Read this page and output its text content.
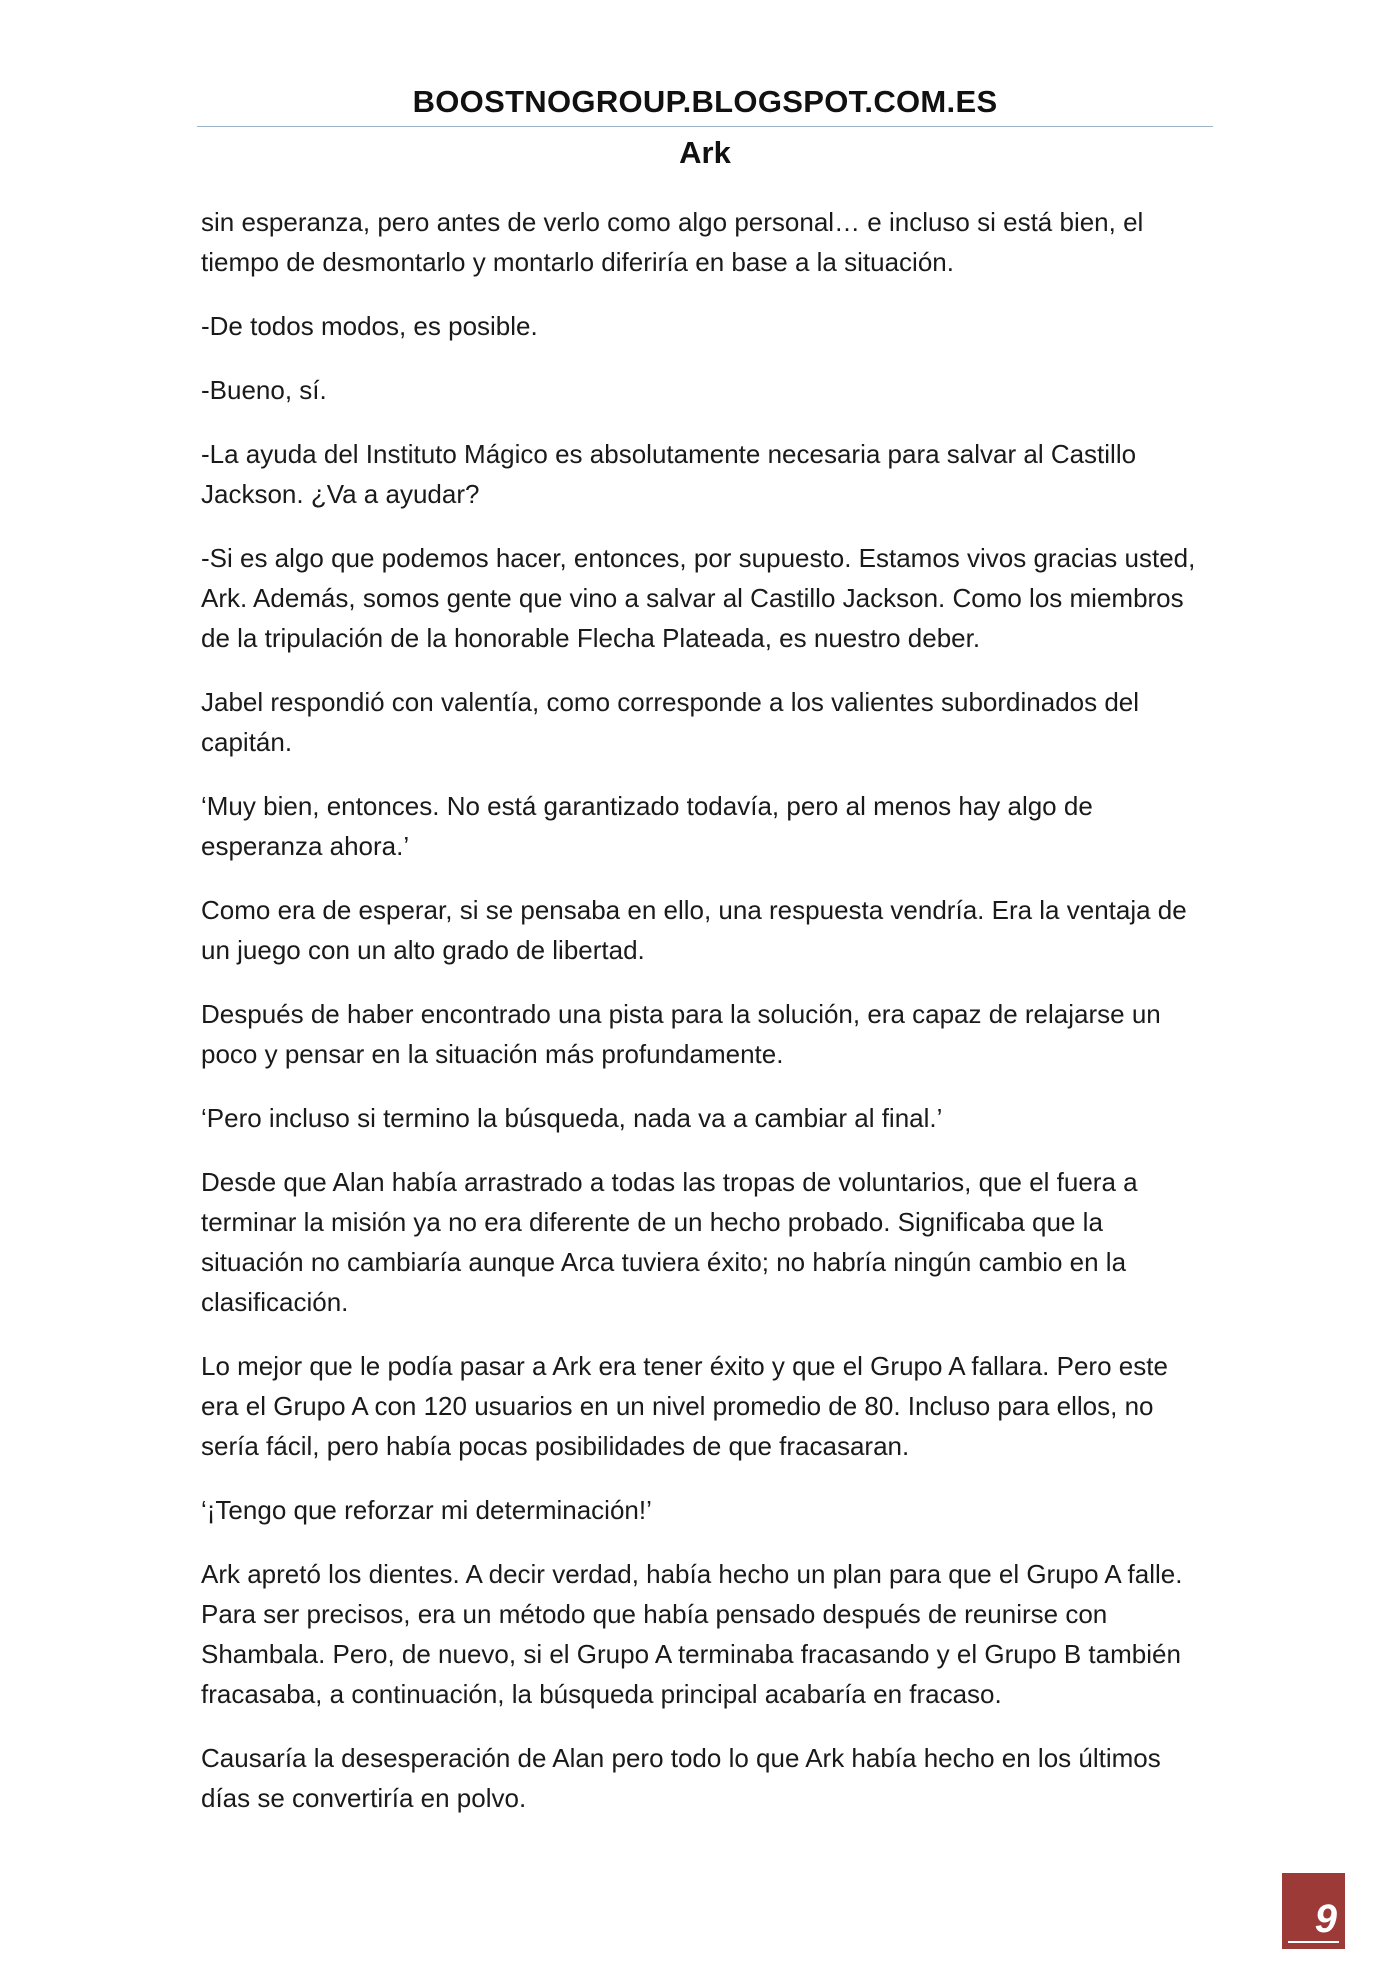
BOOSTNOGROUP.BLOGSPOT.COM.ES
Ark

sin esperanza, pero antes de verlo como algo personal… e incluso si está bien, el tiempo de desmontarlo y montarlo diferiría en base a la situación.

-De todos modos, es posible.

-Bueno, sí.

-La ayuda del Instituto Mágico es absolutamente necesaria para salvar al Castillo Jackson. ¿Va a ayudar?

-Si es algo que podemos hacer, entonces, por supuesto. Estamos vivos gracias usted, Ark. Además, somos gente que vino a salvar al Castillo Jackson. Como los miembros de la tripulación de la honorable Flecha Plateada, es nuestro deber.

Jabel respondió con valentía, como corresponde a los valientes subordinados del capitán.

‘Muy bien, entonces. No está garantizado todavía, pero al menos hay algo de esperanza ahora.’

Como era de esperar, si se pensaba en ello, una respuesta vendría. Era la ventaja de un juego con un alto grado de libertad.

Después de haber encontrado una pista para la solución, era capaz de relajarse un poco y pensar en la situación más profundamente.

‘Pero incluso si termino la búsqueda, nada va a cambiar al final.’

Desde que Alan había arrastrado a todas las tropas de voluntarios, que el fuera a terminar la misión ya no era diferente de un hecho probado. Significaba que la situación no cambiaría aunque Arca tuviera éxito; no habría ningún cambio en la clasificación.

Lo mejor que le podía pasar a Ark era tener éxito y que el Grupo A fallara. Pero este era el Grupo A con 120 usuarios en un nivel promedio de 80. Incluso para ellos, no sería fácil, pero había pocas posibilidades de que fracasaran.

‘¡Tengo que reforzar mi determinación!’

Ark apretó los dientes. A decir verdad, había hecho un plan para que el Grupo A falle. Para ser precisos, era un método que había pensado después de reunirse con Shambala. Pero, de nuevo, si el Grupo A terminaba fracasando y el Grupo B también fracasaba, a continuación, la búsqueda principal acabaría en fracaso.

Causaría la desesperación de Alan pero todo lo que Ark había hecho en los últimos días se convertiría en polvo.

9
